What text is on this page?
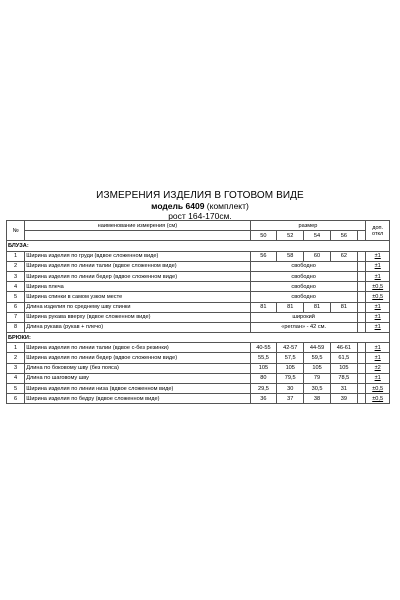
ИЗМЕРЕНИЯ ИЗДЕЛИЯ В ГОТОВОМ ВИДЕ
модель 6409 (комплект)
рост 164-170см.
№	наименование измерения (см)	размер					доп. откл
		50	52	54	56		
БЛУЗА:							
1	Ширина изделия по груди (вдвое сложенном виде)	56	58	60	62		±1
2	Ширина изделия по линии талии (вдвое сложенном виде)	свободно					±1
3	Ширина изделия по линии бедер (вдвое сложенном виде)	свободно					±1
4	Ширина плеча	свободно					±0,5
5	Ширина спинки в самом узком месте	свободно					±0,5
6	Длина изделия по среднему шву спинки	81	81	81	81		±1
7	Ширина рукава вверху (вдвое сложенном виде)	широкий					±1
8	Длина рукава (рукав + плечо)	«реглан» - 42 см.					±1
БРЮКИ:							
1	Ширина изделия по линии талии (вдвое с-без резинки)	40-55	42-57	44-59	46-61		±1
2	Ширина изделия по линии бедер (вдвое сложенном виде)	55,5	57,5	59,5	61,5		±1
3	Длина по боковому шву (без пояса)	105	105	105	105		±2
4	Длина по шаговому шву	80	79,5	79	78,5		±1
5	Ширина изделия по линии низа (вдвое сложенном виде)	29,5	30	30,5	31		±0,5
6	Ширина изделия по бедру (вдвое сложенном виде)	36	37	38	39		±0,5
